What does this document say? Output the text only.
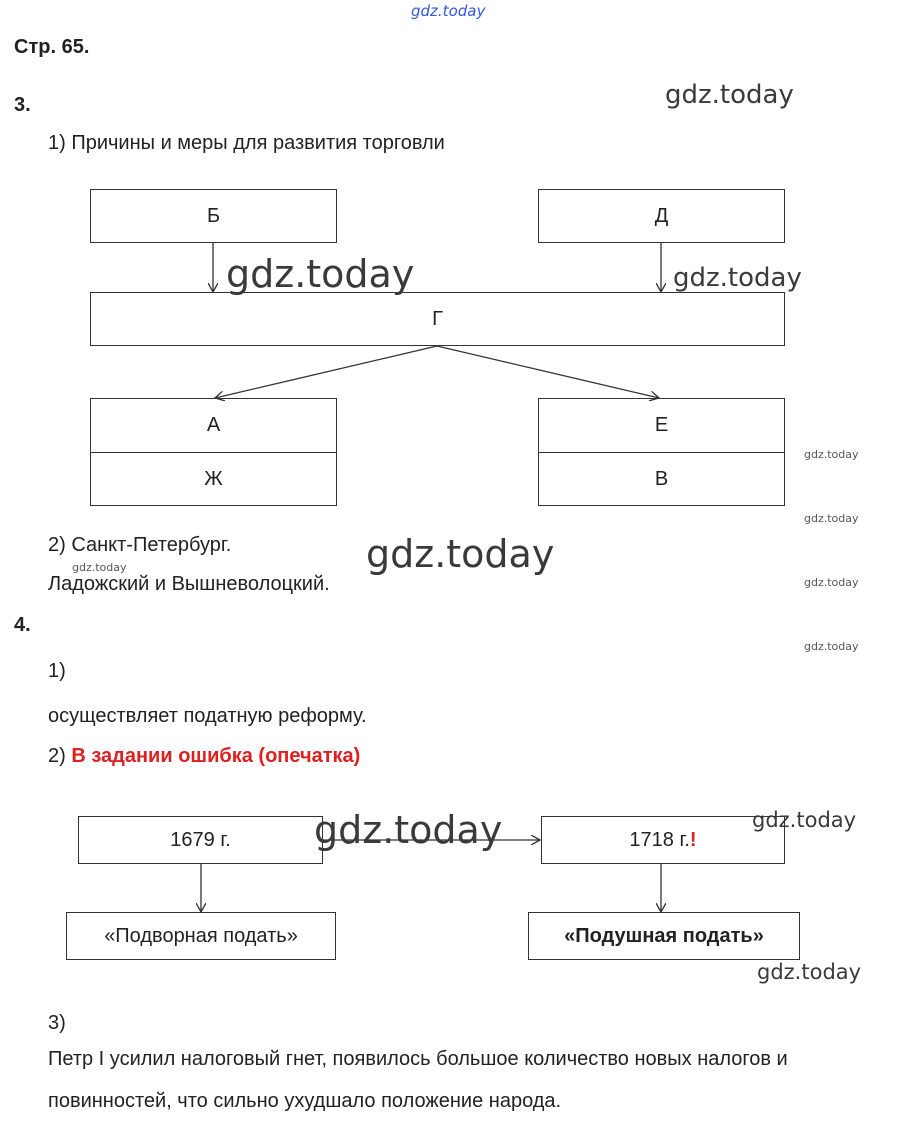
gdz.today
Стр. 65.
3.	gdz.today
1) Причины и меры для развития торговли
Б	Д
Г
А
Ж
Е
В
gdz.today	gdz.today
gdz.today
gdz.today
2) Санкт-Петербург.
gdz.today
Ладожский и Вышневолоцкий.
gdz.today
gdz.today
4.
gdz.today
1)
осуществляет податную реформу.
2) В задании ошибка (опечатка)
1679 г.	1718 г. !
«Подворная подать»	«Подушная подать»
gdz.today	gdz.today
gdz.today
3)
Петр I усилил налоговый гнет, появилось большое количество новых налогов и
повинностей, что сильно ухудшало положение народа.
